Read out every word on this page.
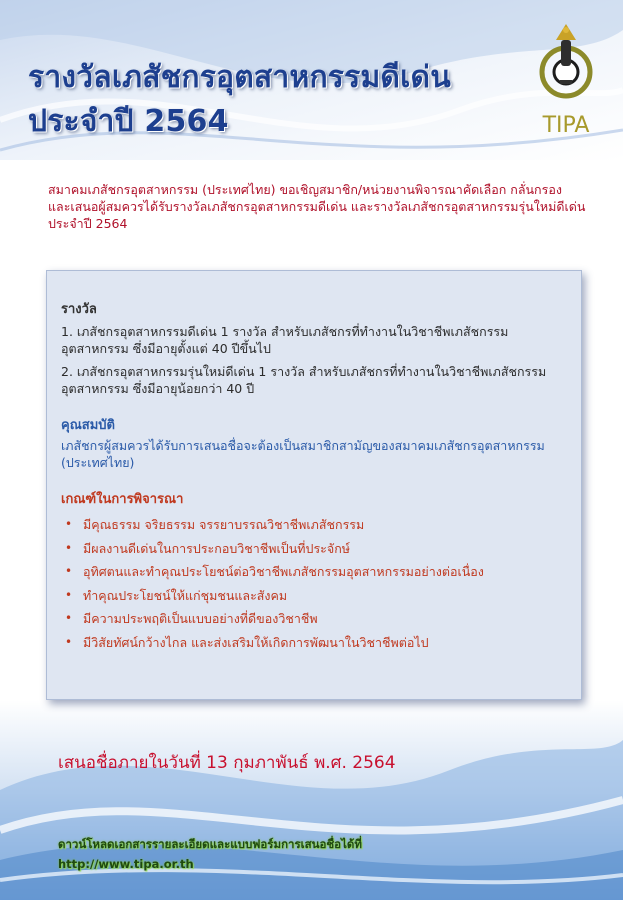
รางวัลเภสัชกรอุตสาหกรรมดีเด่น
ประจำปี 2564	TIPA

สมาคมเภสัชกรอุตสาหกรรม (ประเทศไทย) ขอเชิญสมาชิก/หน่วยงานพิจารณาคัดเลือก กลั่นกรอง และเสนอผู้สมควรได้รับรางวัลเภสัชกรอุตสาหกรรมดีเด่น และรางวัลเภสัชกรอุตสาหกรรมรุ่นใหม่ดีเด่น ประจำปี 2564

รางวัล

1. เภสัชกรอุตสาหกรรมดีเด่น 1 รางวัล สำหรับเภสัชกรที่ทำงานในวิชาชีพเภสัชกรรมอุตสาหกรรม ซึ่งมีอายุตั้งแต่ 40 ปีขึ้นไป

2. เภสัชกรอุตสาหกรรมรุ่นใหม่ดีเด่น 1 รางวัล สำหรับเภสัชกรที่ทำงานในวิชาชีพเภสัชกรรมอุตสาหกรรม ซึ่งมีอายุน้อยกว่า 40 ปี

คุณสมบัติ

เภสัชกรผู้สมควรได้รับการเสนอชื่อจะต้องเป็นสมาชิกสามัญของสมาคมเภสัชกรอุตสาหกรรม (ประเทศไทย)

เกณฑ์ในการพิจารณา
• มีคุณธรรม จริยธรรม จรรยาบรรณวิชาชีพเภสัชกรรม
• มีผลงานดีเด่นในการประกอบวิชาชีพเป็นที่ประจักษ์
• อุทิศตนและทำคุณประโยชน์ต่อวิชาชีพเภสัชกรรมอุตสาหกรรมอย่างต่อเนื่อง
• ทำคุณประโยชน์ให้แก่ชุมชนและสังคม
• มีความประพฤติเป็นแบบอย่างที่ดีของวิชาชีพ
• มีวิสัยทัศน์กว้างไกล และส่งเสริมให้เกิดการพัฒนาในวิชาชีพต่อไป

เสนอชื่อภายในวันที่ 13 กุมภาพันธ์ พ.ศ. 2564

ดาวน์โหลดเอกสารรายละเอียดและแบบฟอร์มการเสนอชื่อได้ที่
http://www.tipa.or.th
